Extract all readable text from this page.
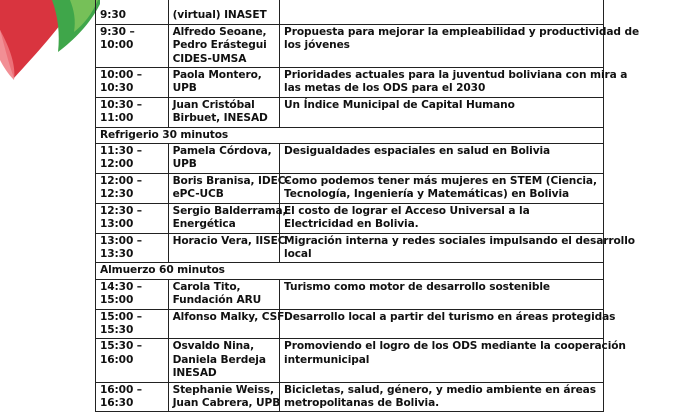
9:30	(virtual) INASET	

9:30 –
10:00	Alfredo Seoane,
Pedro Erástegui
CIDES-UMSA	Propuesta para mejorar la empleabilidad y productividad de
los jóvenes

10:00 –
10:30	Paola Montero,
UPB	Prioridades actuales para la juventud boliviana con mira a
las metas de los ODS para el 2030

10:30 –
11:00	Juan Cristóbal
Birbuet, INESAD	Un Índice Municipal de Capital Humano

Refrigerio 30 minutos		

11:30 –
12:00	Pamela Córdova,
UPB	Desigualdades espaciales en salud en Bolivia

12:00 –
12:30	Boris Branisa, IDEC-
ePC-UCB	Como podemos tener más mujeres en STEM (Ciencia,
Tecnología, Ingeniería y Matemáticas) en Bolivia

12:30 –
13:00	Sergio Balderrama,
Energética	El costo de lograr el Acceso Universal a la
Electricidad en Bolivia.

13:00 –
13:30	Horacio Vera, IISEC	Migración interna y redes sociales impulsando el desarrollo
local

Almuerzo 60 minutos		

14:30 –
15:00	Carola Tito,
Fundación ARU	Turismo como motor de desarrollo sostenible

15:00 –
15:30	Alfonso Malky, CSF	Desarrollo local a partir del turismo en áreas protegidas

15:30 –
16:00	Osvaldo Nina,
Daniela Berdeja
INESAD	Promoviendo el logro de los ODS mediante la cooperación
intermunicipal

16:00 –
16:30	Stephanie Weiss,
Juan Cabrera, UPB	Bicicletas, salud, género, y medio ambiente en áreas
metropolitanas de Bolivia.
